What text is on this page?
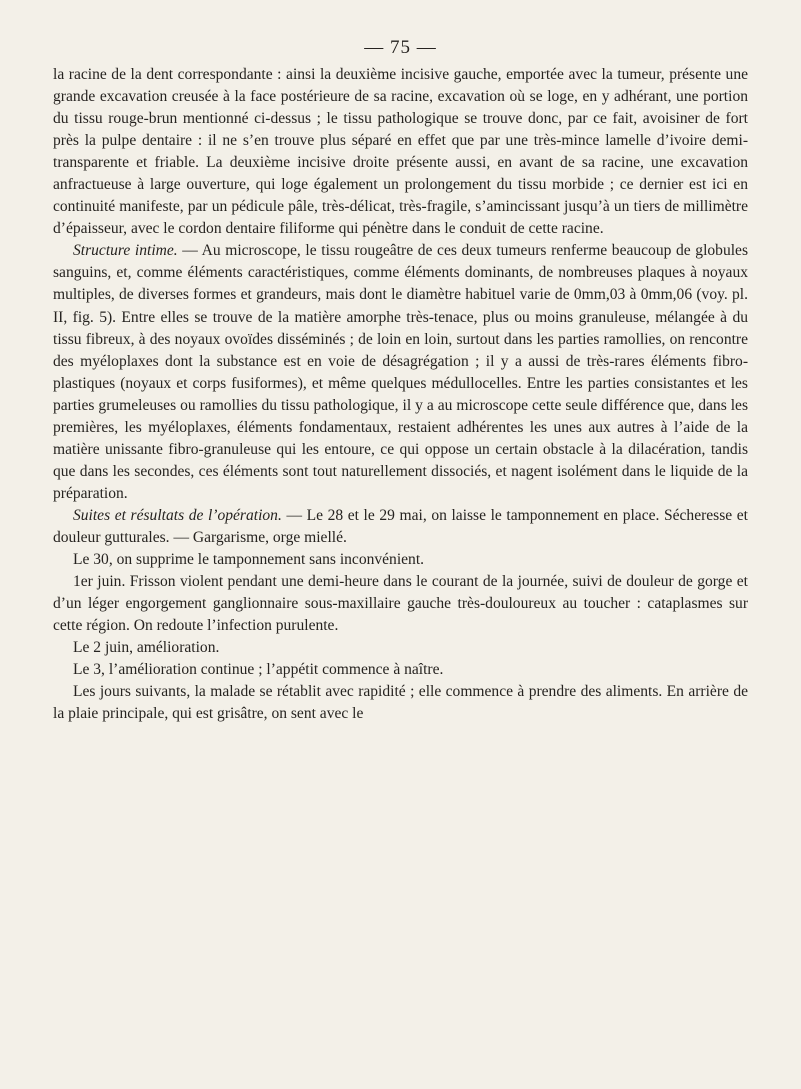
— 75 —

la racine de la dent correspondante : ainsi la deuxième incisive gauche, emportée avec la tumeur, présente une grande excavation creusée à la face postérieure de sa racine, excavation où se loge, en y adhérant, une portion du tissu rouge-brun mentionné ci-dessus ; le tissu pathologique se trouve donc, par ce fait, avoisiner de fort près la pulpe dentaire : il ne s’en trouve plus séparé en effet que par une très-mince lamelle d’ivoire demi-transparente et friable. La deuxième incisive droite présente aussi, en avant de sa racine, une excavation anfractueuse à large ouverture, qui loge également un prolongement du tissu morbide ; ce dernier est ici en continuité manifeste, par un pédicule pâle, très-délicat, très-fragile, s’amincissant jusqu’à un tiers de millimètre d’épaisseur, avec le cordon dentaire filiforme qui pénètre dans le conduit de cette racine.

Structure intime. — Au microscope, le tissu rougeâtre de ces deux tumeurs renferme beaucoup de globules sanguins, et, comme éléments caractéristiques, comme éléments dominants, de nombreuses plaques à noyaux multiples, de diverses formes et grandeurs, mais dont le diamètre habituel varie de 0mm,03 à 0mm,06 (voy. pl. II, fig. 5). Entre elles se trouve de la matière amorphe très-tenace, plus ou moins granuleuse, mélangée à du tissu fibreux, à des noyaux ovoïdes disséminés ; de loin en loin, surtout dans les parties ramollies, on rencontre des myéloplaxes dont la substance est en voie de désagrégation ; il y a aussi de très-rares éléments fibro-plastiques (noyaux et corps fusiformes), et même quelques médullocelles. Entre les parties consistantes et les parties grumeleuses ou ramollies du tissu pathologique, il y a au microscope cette seule différence que, dans les premières, les myéloplaxes, éléments fondamentaux, restaient adhérentes les unes aux autres à l’aide de la matière unissante fibro-granuleuse qui les entoure, ce qui oppose un certain obstacle à la dilacération, tandis que dans les secondes, ces éléments sont tout naturellement dissociés, et nagent isolément dans le liquide de la préparation.

Suites et résultats de l’opération. — Le 28 et le 29 mai, on laisse le tamponnement en place. Sécheresse et douleur gutturales. — Gargarisme, orge miellé.

Le 30, on supprime le tamponnement sans inconvénient.

1er juin. Frisson violent pendant une demi-heure dans le courant de la journée, suivi de douleur de gorge et d’un léger engorgement ganglionnaire sous-maxillaire gauche très-douloureux au toucher : cataplasmes sur cette région. On redoute l’infection purulente.

Le 2 juin, amélioration.

Le 3, l’amélioration continue ; l’appétit commence à naître.

Les jours suivants, la malade se rétablit avec rapidité ; elle commence à prendre des aliments. En arrière de la plaie principale, qui est grisâtre, on sent avec le
